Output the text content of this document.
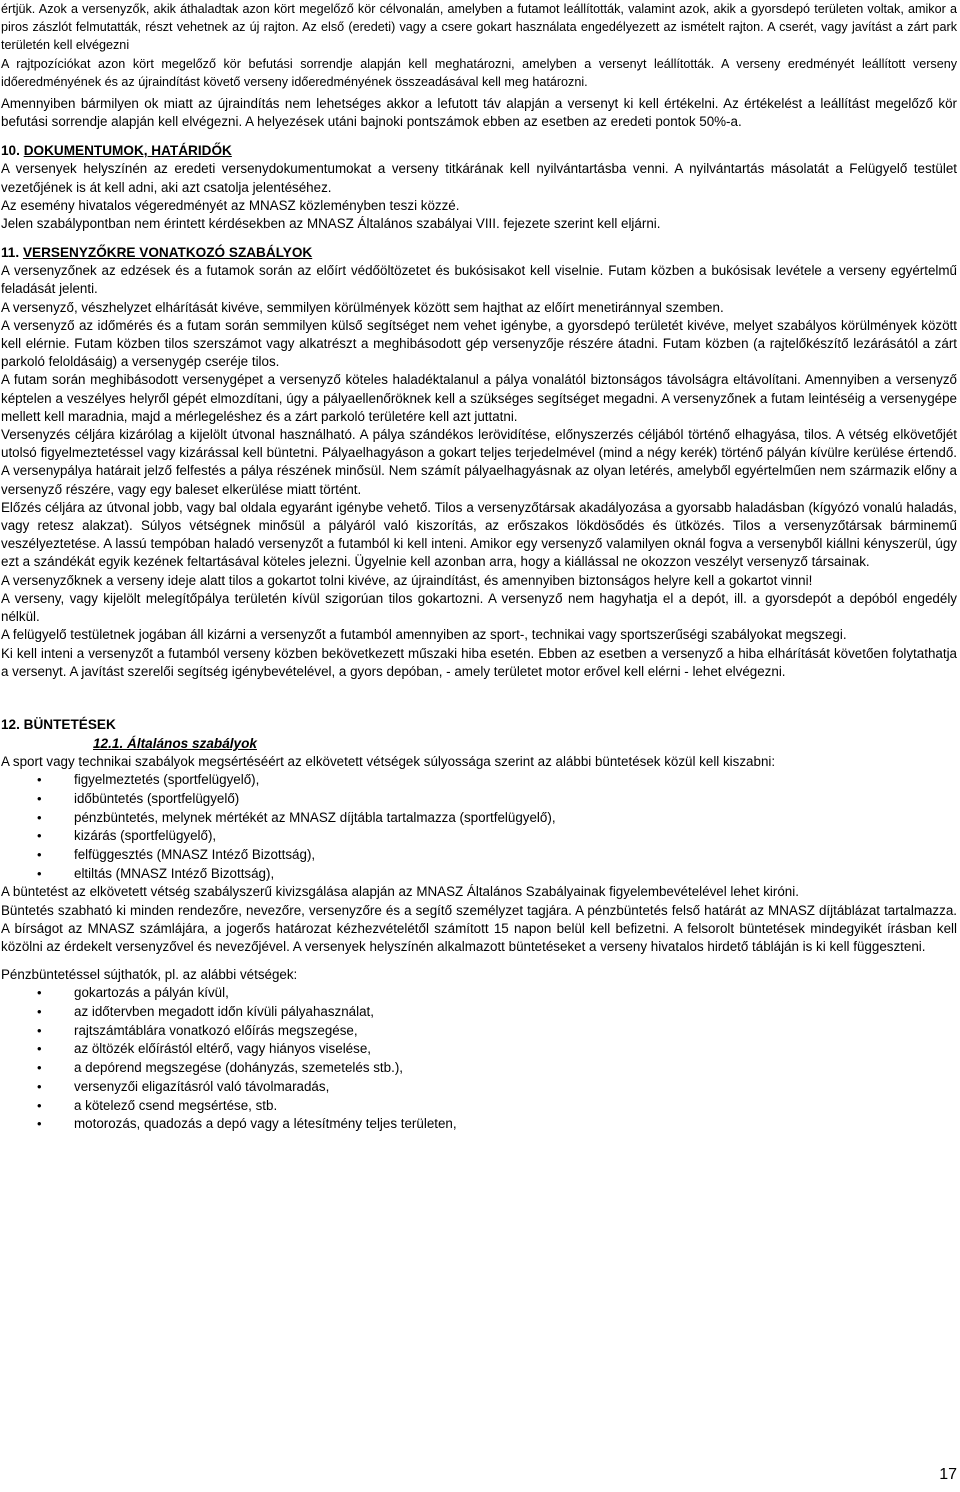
értjük. Azok a versenyzők, akik áthaladtak azon kört megelőző kör célvonalán, amelyben a futamot leállították, valamint azok, akik a gyorsdepó területen voltak, amikor a piros zászlót felmutatták, részt vehetnek az új rajton. Az első (eredeti) vagy a csere gokart használata engedélyezett az ismételt rajton. A cserét, vagy javítást a zárt park területén kell elvégezni

A rajtpozíciókat azon kört megelőző kör befutási sorrendje alapján kell meghatározni, amelyben a versenyt leállították. A verseny eredményét leállított verseny időeredményének és az újraindítást követő verseny időeredményének összeadásával kell meg határozni.

Amennyiben bármilyen ok miatt az újraindítás nem lehetséges akkor a lefutott táv alapján a versenyt ki kell értékelni. Az értékelést a leállítást megelőző kör befutási sorrendje alapján kell elvégezni. A helyezések utáni bajnoki pontszámok ebben az esetben az eredeti pontok 50%-a.

10. DOKUMENTUMOK, HATÁRIDŐK

A versenyek helyszínén az eredeti versenydokumentumokat a verseny titkárának kell nyilvántartásba venni. A nyilvántartás másolatát a Felügyelő testület vezetőjének is át kell adni, aki azt csatolja jelentéséhez.

Az esemény hivatalos végeredményét az MNASZ közleményben teszi közzé.

Jelen szabálypontban nem érintett kérdésekben az MNASZ Általános szabályai VIII. fejezete szerint kell eljárni.

11. VERSENYZŐKRE VONATKOZÓ SZABÁLYOK

A versenyzőnek az edzések és a futamok során az előírt védőöltözetet és bukósisakot kell viselnie. Futam közben a bukósisak levétele a verseny egyértelmű feladását jelenti.

A versenyző, vészhelyzet elhárítását kivéve, semmilyen körülmények között sem hajthat az előírt menetiránnyal szemben.

A versenyző az időmérés és a futam során semmilyen külső segítséget nem vehet igénybe, a gyorsdepó területét kivéve, melyet szabályos körülmények között kell elérnie. Futam közben tilos szerszámot vagy alkatrészt a meghibásodott gép versenyzője részére átadni. Futam közben (a rajtelőkészítő lezárásától a zárt parkoló feloldásáig) a versenygép cseréje tilos.

A futam során meghibásodott versenygépet a versenyző köteles haladéktalanul a pálya vonalától biztonságos távolságra eltávolítani. Amennyiben a versenyző képtelen a veszélyes helyről gépét elmozdítani, úgy a pályaellenőröknek kell a szükséges segítséget megadni. A versenyzőnek a futam leintéséig a versenygépe mellett kell maradnia, majd a mérlegeléshez és a zárt parkoló területére kell azt juttatni.

Versenyzés céljára kizárólag a kijelölt útvonal használható. A pálya szándékos lerövidítése, előnyszerzés céljából történő elhagyása, tilos. A vétség elkövetőjét utolsó figyelmeztetéssel vagy kizárással kell büntetni. Pályaelhagyáson a gokart teljes terjedelmével (mind a négy kerék) történő pályán kívülre kerülése értendő. A versenypálya határait jelző felfestés a pálya részének minősül. Nem számít pályaelhagyásnak az olyan letérés, amelyből egyértelműen nem származik előny a versenyző részére, vagy egy baleset elkerülése miatt történt.

Előzés céljára az útvonal jobb, vagy bal oldala egyaránt igénybe vehető. Tilos a versenyzőtársak akadályozása a gyorsabb haladásban (kígyózó vonalú haladás, vagy retesz alakzat). Súlyos vétségnek minősül a pályáról való kiszorítás, az erőszakos lökdösődés és ütközés. Tilos a versenyzőtársak bárminemű veszélyeztetése. A lassú tempóban haladó versenyzőt a futamból ki kell inteni. Amikor egy versenyző valamilyen oknál fogva a versenyből kiállni kényszerül, úgy ezt a szándékát egyik kezének feltartásával köteles jelezni. Ügyelnie kell azonban arra, hogy a kiállással ne okozzon veszélyt versenyző társainak.

A versenyzőknek a verseny ideje alatt tilos a gokartot tolni kivéve, az újraindítást, és amennyiben biztonságos helyre kell a gokartot vinni!

A verseny, vagy kijelölt melegítőpálya területén kívül szigorúan tilos gokartozni. A versenyző nem hagyhatja el a depót, ill. a gyorsdepót a depóból engedély nélkül.

A felügyelő testületnek jogában áll kizárni a versenyzőt a futamból amennyiben az sport-, technikai vagy sportszerűségi szabályokat megszegi.

Ki kell inteni a versenyzőt a futamból verseny közben bekövetkezett műszaki hiba esetén. Ebben az esetben a versenyző a hiba elhárítását követően folytathatja a versenyt. A javítást szerelői segítség igénybevételével, a gyors depóban, - amely területet motor erővel kell elérni - lehet elvégezni.

12. BÜNTETÉSEK
12.1. Általános szabályok

A sport vagy technikai szabályok megsértéséért az elkövetett vétségek súlyossága szerint az alábbi büntetések közül kell kiszabni:

• figyelmeztetés (sportfelügyelő),
• időbüntetés (sportfelügyelő)
• pénzbüntetés, melynek mértékét az MNASZ díjtábla tartalmazza (sportfelügyelő),
• kizárás (sportfelügyelő),
• felfüggesztés (MNASZ Intéző Bizottság),
• eltiltás (MNASZ Intéző Bizottság),

A büntetést az elkövetett vétség szabályszerű kivizsgálása alapján az MNASZ Általános Szabályainak figyelembevételével lehet kiróni.

Büntetés szabható ki minden rendezőre, nevezőre, versenyzőre és a segítő személyzet tagjára. A pénzbüntetés felső határát az MNASZ díjtáblázat tartalmazza. A bírságot az MNASZ számlájára, a jogerős határozat kézhezvételétől számított 15 napon belül kell befizetni. A felsorolt büntetések mindegyikét írásban kell közölni az érdekelt versenyzővel és nevezőjével. A versenyek helyszínén alkalmazott büntetéseket a verseny hivatalos hirdető tábláján is ki kell függeszteni.

Pénzbüntetéssel sújthatók, pl. az alábbi vétségek:

• gokartozás a pályán kívül,
• az időtervben megadott időn kívüli pályahasználat,
• rajtszámtáblára vonatkozó előírás megszegése,
• az öltözék előírástól eltérő, vagy hiányos viselése,
• a depórend megszegése (dohányzás, szemetelés stb.),
• versenyzői eligazításról való távolmaradás,
• a kötelező csend megsértése, stb.
• motorozás, quadozás a depó vagy a létesítmény teljes területen,
17
